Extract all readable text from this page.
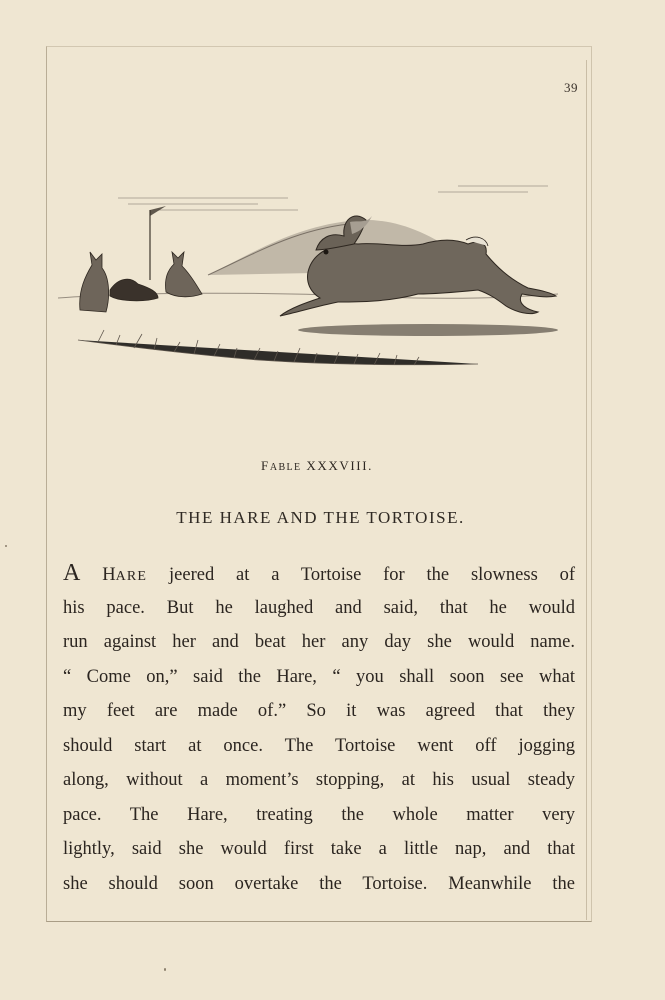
39
FABLE XXXVIII.
THE HARE AND THE TORTOISE.
A HARE jeered at a Tortoise for the slowness of
his pace. But he laughed and said, that he would
run against her and beat her any day she would name.
“ Come on,” said the Hare, “ you shall soon see what
my feet are made of.” So it was agreed that they
should start at once. The Tortoise went off jogging
along, without a moment’s stopping, at his usual steady
pace. The Hare, treating the whole matter very
lightly, said she would first take a little nap, and that
she should soon overtake the Tortoise. Meanwhile the
